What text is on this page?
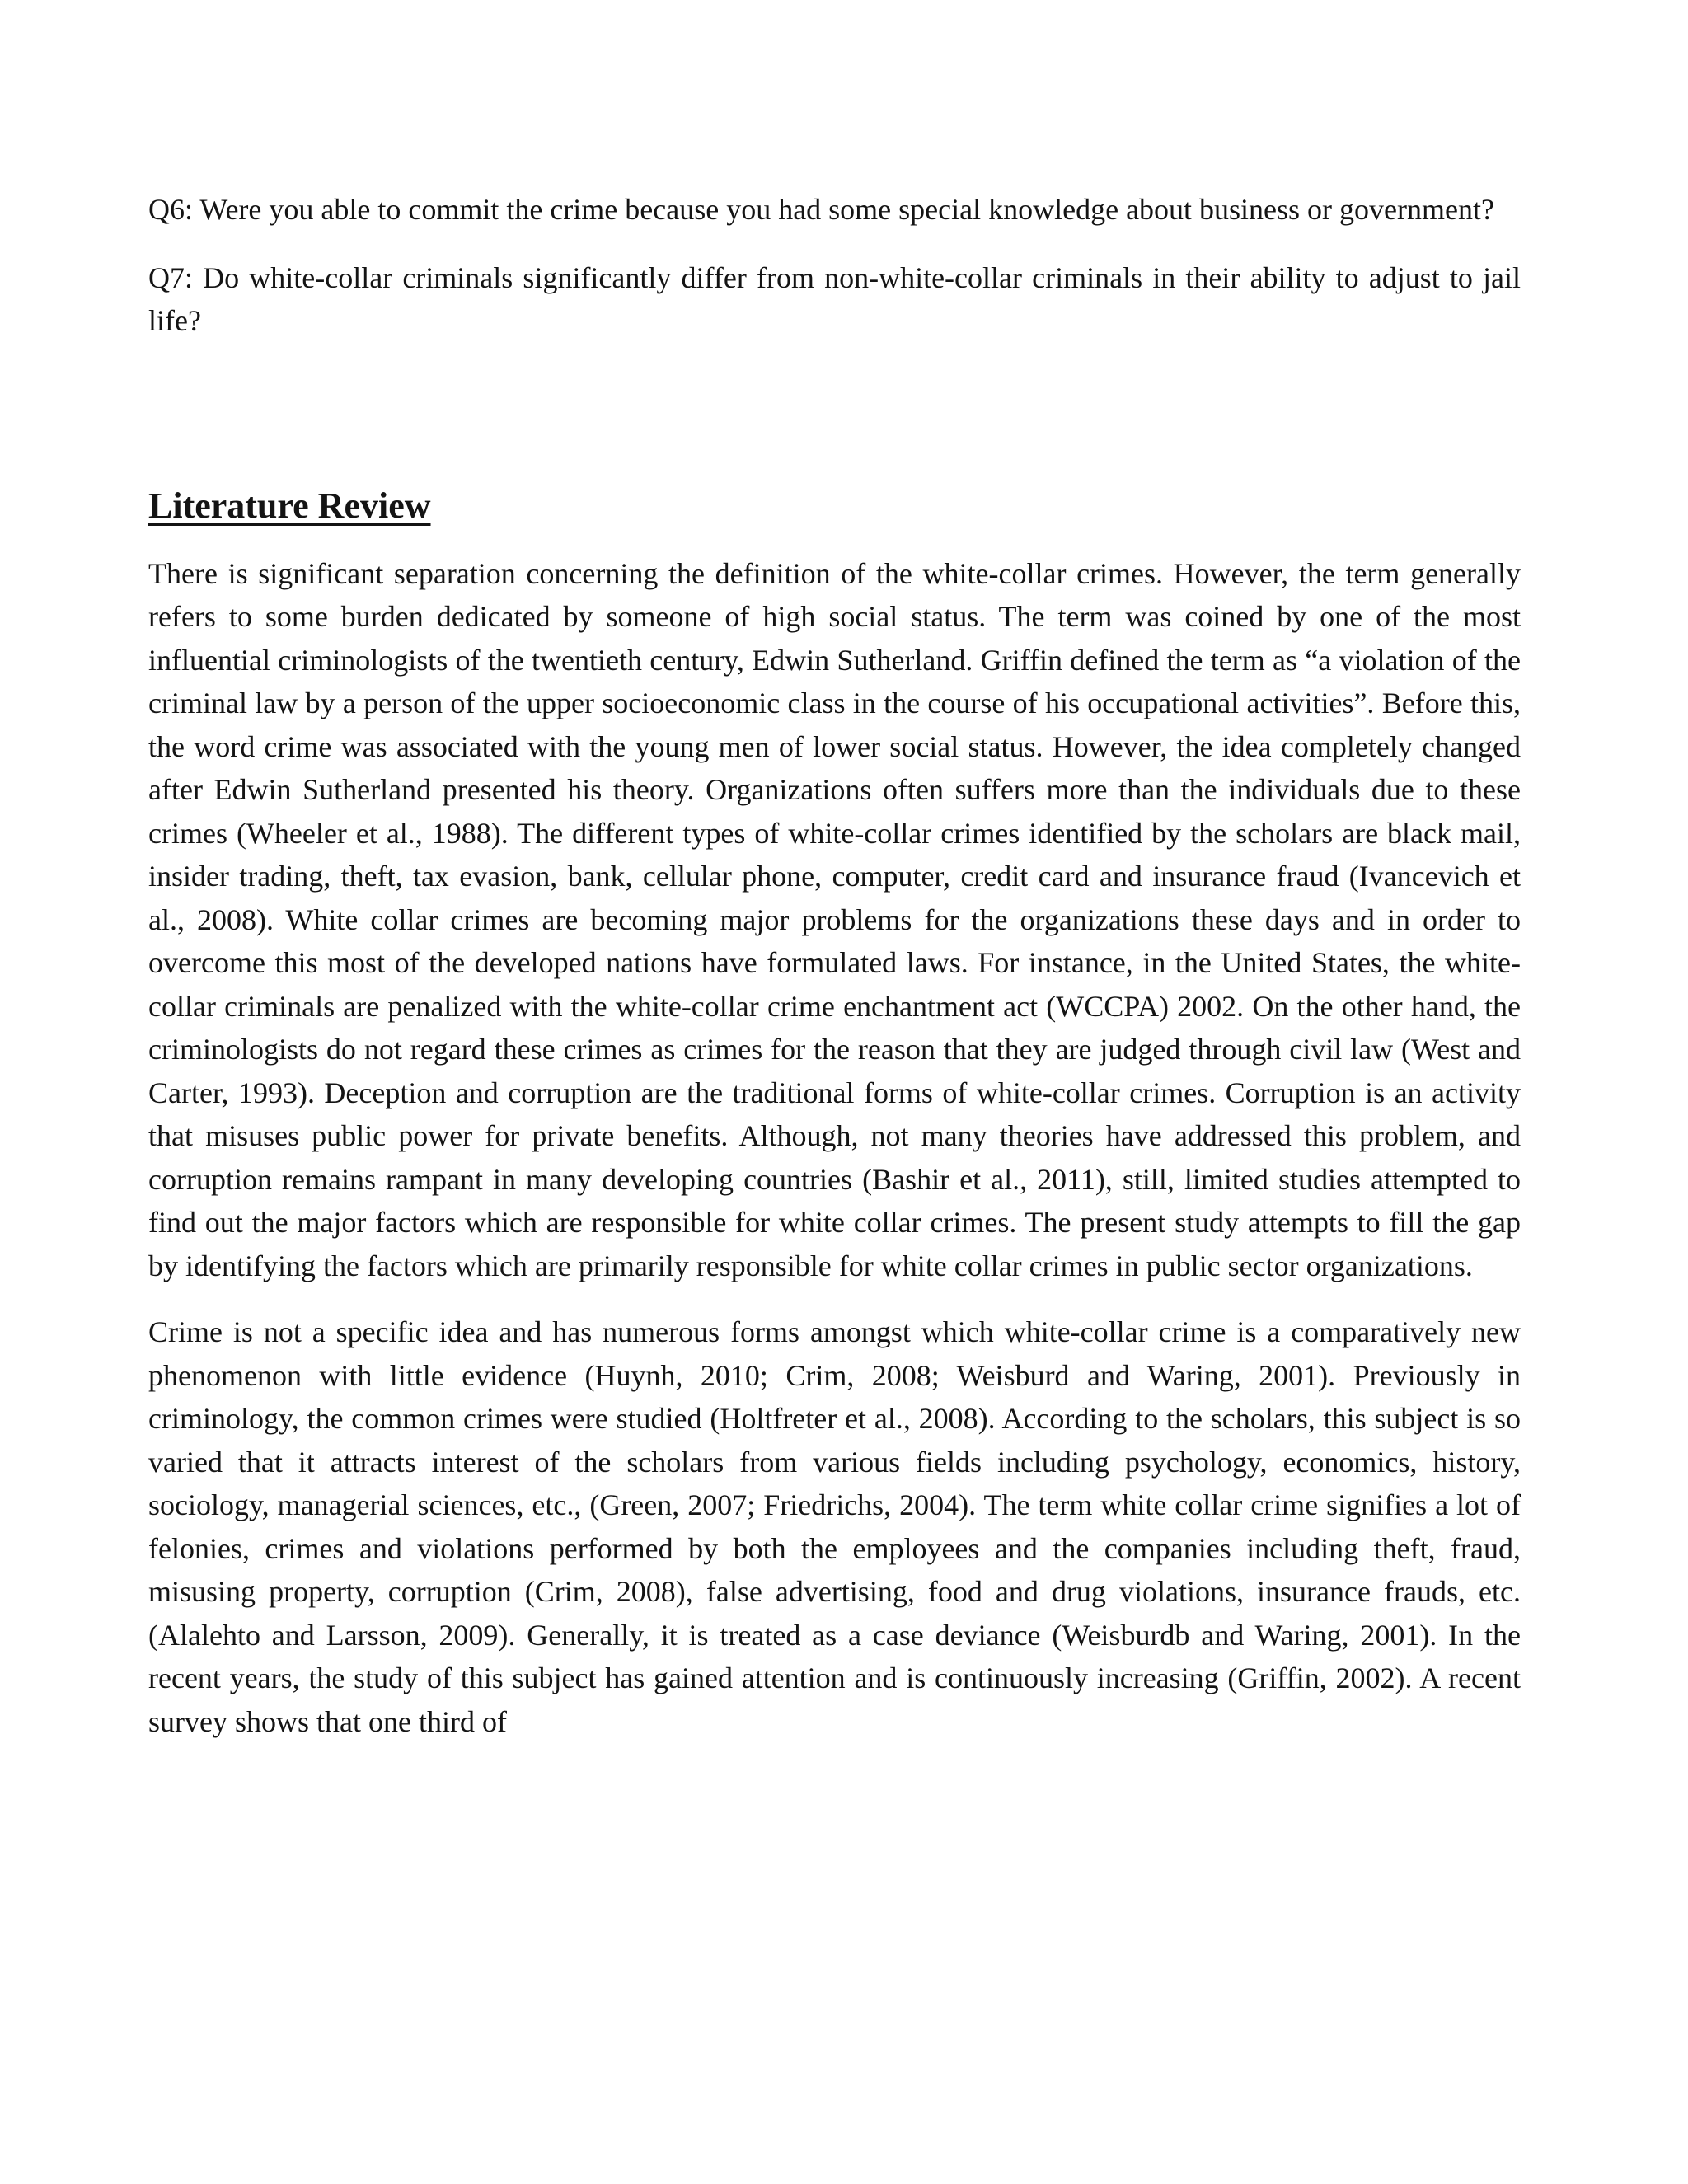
Q6: Were you able to commit the crime because you had some special knowledge about business or government?

Q7: Do white-collar criminals significantly differ from non-white-collar criminals in their ability to adjust to jail life?

Literature Review

There is significant separation concerning the definition of the white-collar crimes. However, the term generally refers to some burden dedicated by someone of high social status. The term was coined by one of the most influential criminologists of the twentieth century, Edwin Sutherland. Griffin defined the term as “a violation of the criminal law by a person of the upper socioeconomic class in the course of his occupational activities”. Before this, the word crime was associated with the young men of lower social status. However, the idea completely changed after Edwin Sutherland presented his theory. Organizations often suffers more than the individuals due to these crimes (Wheeler et al., 1988). The different types of white-collar crimes identified by the scholars are black mail, insider trading, theft, tax evasion, bank, cellular phone, computer, credit card and insurance fraud (Ivancevich et al., 2008). White collar crimes are becoming major problems for the organizations these days and in order to overcome this most of the developed nations have formulated laws. For instance, in the United States, the white-collar criminals are penalized with the white-collar crime enchantment act (WCCPA) 2002. On the other hand, the criminologists do not regard these crimes as crimes for the reason that they are judged through civil law (West and Carter, 1993). Deception and corruption are the traditional forms of white-collar crimes. Corruption is an activity that misuses public power for private benefits. Although, not many theories have addressed this problem, and corruption remains rampant in many developing countries (Bashir et al., 2011), still, limited studies attempted to find out the major factors which are responsible for white collar crimes. The present study attempts to fill the gap by identifying the factors which are primarily responsible for white collar crimes in public sector organizations.

Crime is not a specific idea and has numerous forms amongst which white-collar crime is a comparatively new phenomenon with little evidence (Huynh, 2010; Crim, 2008; Weisburd and Waring, 2001). Previously in criminology, the common crimes were studied (Holtfreter et al., 2008). According to the scholars, this subject is so varied that it attracts interest of the scholars from various fields including psychology, economics, history, sociology, managerial sciences, etc., (Green, 2007; Friedrichs, 2004). The term white collar crime signifies a lot of felonies, crimes and violations performed by both the employees and the companies including theft, fraud, misusing property, corruption (Crim, 2008), false advertising, food and drug violations, insurance frauds, etc. (Alalehto and Larsson, 2009). Generally, it is treated as a case deviance (Weisburdb and Waring, 2001). In the recent years, the study of this subject has gained attention and is continuously increasing (Griffin, 2002). A recent survey shows that one third of
